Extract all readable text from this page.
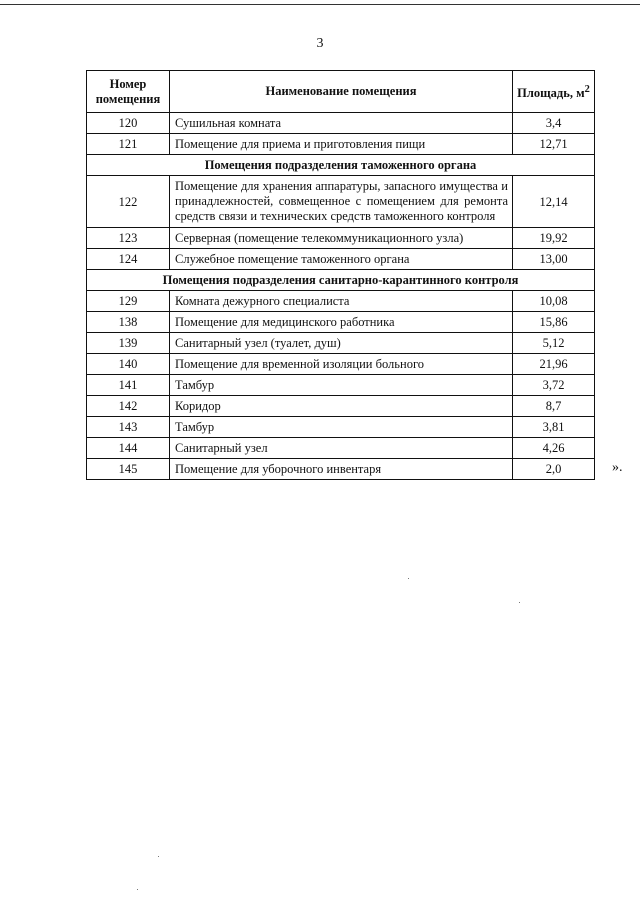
3
Номер помещения	Наименование помещения	Площадь, $м^2$
120	Сушильная комната	3,4
121	Помещение для приема и приготовления пищи	12,71
Помещения подразделения таможенного органа		
122	Помещение для хранения аппаратуры, запасного имущества и принадлежностей, совмещенное с помещением для ремонта средств связи и технических средств таможенного контроля	12,14
123	Серверная (помещение телекоммуникационного узла)	19,92
124	Служебное помещение таможенного органа	13,00
Помещения подразделения санитарно-карантинного контроля		
129	Комната дежурного специалиста	10,08
138	Помещение для медицинского работника	15,86
139	Санитарный узел (туалет, душ)	5,12
140	Помещение для временной изоляции больного	21,96
141	Тамбур	3,72
142	Коридор	8,7
143	Тамбур	3,81
144	Санитарный узел	4,26
145	Помещение для уборочного инвентаря	2,0	».
